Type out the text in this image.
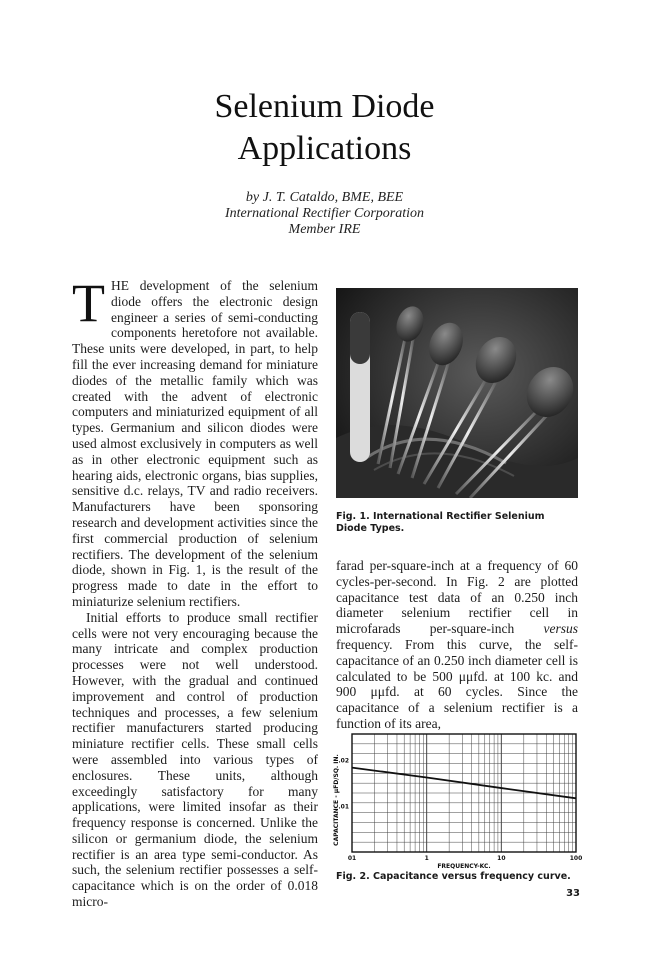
Selenium Diode
Applications
by J. T. Cataldo, BME, BEE
International Rectifier Corporation
Member IRE

THE development of the selenium diode offers the electronic design engineer a series of semi-conducting components heretofore not available. These units were developed, in part, to help fill the ever increasing demand for miniature diodes of the metallic family which was created with the advent of electronic computers and miniaturized equipment of all types. Germanium and silicon diodes were used almost exclusively in computers as well as in other electronic equipment such as hearing aids, electronic organs, bias supplies, sensitive d.c. relays, TV and radio receivers. Manufacturers have been sponsoring research and development activities since the first commercial production of selenium rectifiers. The development of the selenium diode, shown in Fig. 1, is the result of the progress made to date in the effort to miniaturize selenium rectifiers.

Initial efforts to produce small rectifier cells were not very encouraging because the many intricate and complex production processes were not well understood. However, with the gradual and continued improvement and control of production techniques and processes, a few selenium rectifier manufacturers started producing miniature rectifier cells. These small cells were assembled into various types of enclosures. These units, although exceedingly satisfactory for many applications, were limited insofar as their frequency response is concerned. Unlike the silicon or germanium diode, the selenium rectifier is an area type semi-conductor. As such, the selenium rectifier possesses a self-capacitance which is on the order of 0.018 micro-

Fig. 1. International Rectifier Selenium Diode Types.

farad per-square-inch at a frequency of 60 cycles-per-second. In Fig. 2 are plotted capacitance test data of an 0.250 inch diameter selenium rectifier cell in microfarads per-square-inch versus frequency. From this curve, the self-capacitance of an 0.250 inch diameter cell is calculated to be 500 μμfd. at 100 kc. and 900 μμfd. at 60 cycles. Since the capacitance of a selenium rectifier is a function of its area,

01	1	10	100
.02
.01
CAPACITANCE - μFD/SQ. IN.
FREQUENCY-KC.
Fig. 2. Capacitance versus frequency curve.
33
